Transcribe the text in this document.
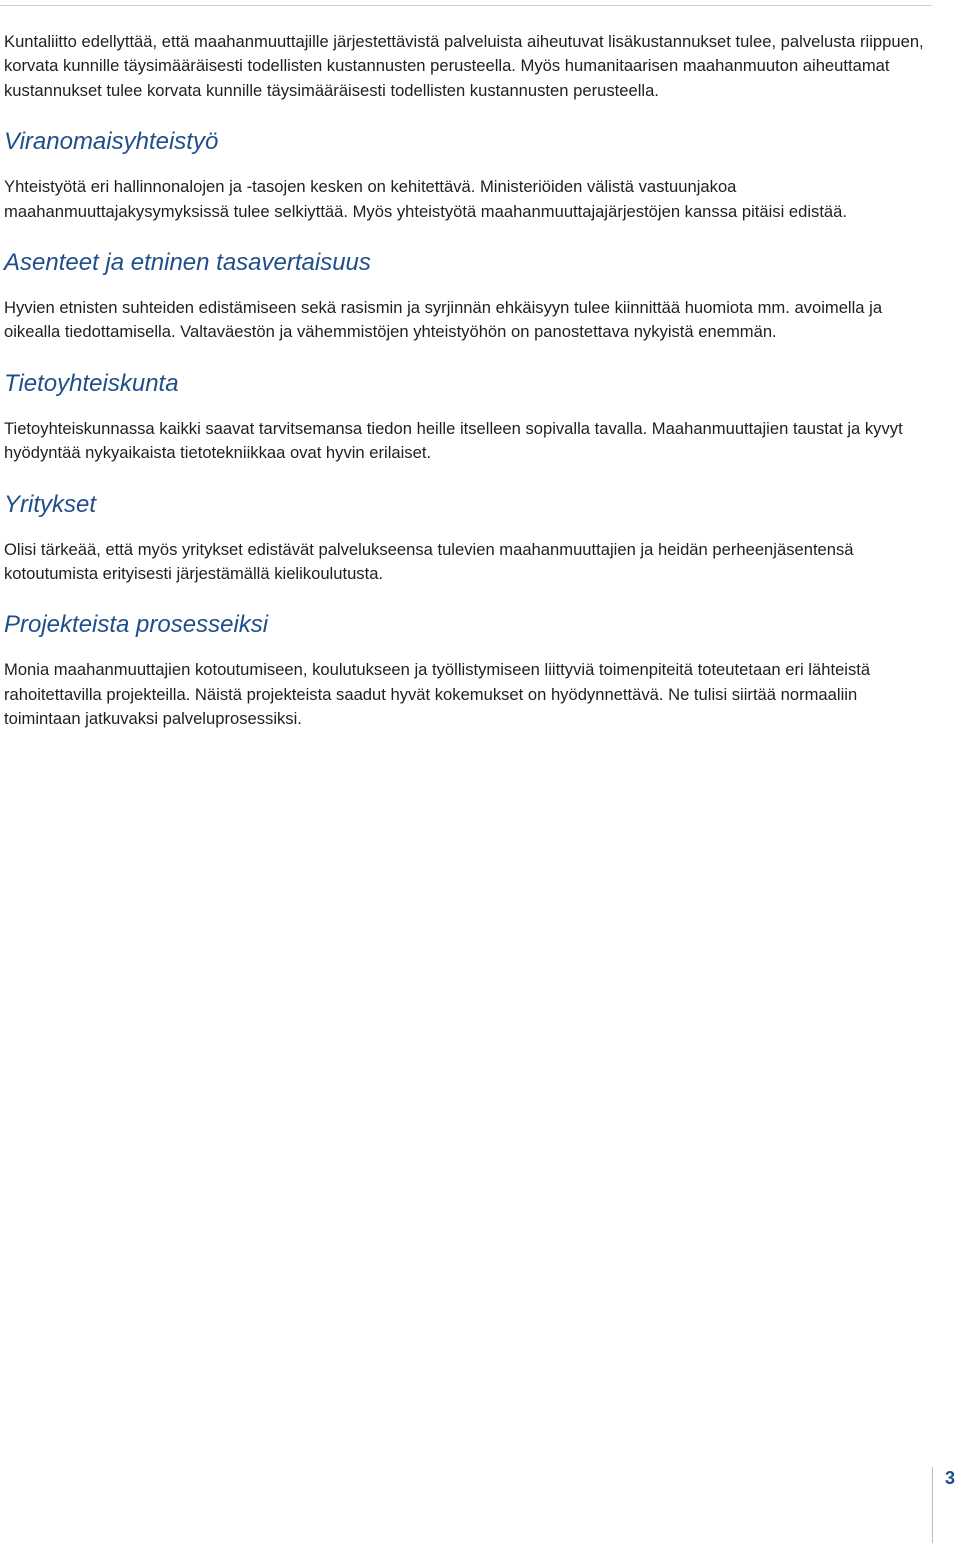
Kuntaliitto edellyttää, että maahanmuuttajille järjestettävistä palveluista aiheutuvat lisäkustannukset tulee, palvelusta riippuen, korvata kunnille täysimääräisesti todellisten kustannusten perusteella. Myös humanitaarisen maahanmuuton aiheuttamat kustannukset tulee korvata kunnille täysimääräisesti todellisten kustannusten perusteella.

Viranomaisyhteistyö

Yhteistyötä eri hallinnonalojen ja -tasojen kesken on kehitettävä. Ministeriöiden välistä vastuunjakoa maahanmuuttajakysymyksissä tulee selkiyttää. Myös yhteistyötä maahanmuuttajajärjestöjen kanssa pitäisi edistää.

Asenteet ja etninen tasavertaisuus

Hyvien etnisten suhteiden edistämiseen sekä rasismin ja syrjinnän ehkäisyyn tulee kiinnittää huomiota mm. avoimella ja oikealla tiedottamisella. Valtaväestön ja vähemmistöjen yhteistyöhön on panostettava nykyistä enemmän.

Tietoyhteiskunta

Tietoyhteiskunnassa kaikki saavat tarvitsemansa tiedon heille itselleen sopivalla tavalla. Maahanmuuttajien taustat ja kyvyt hyödyntää nykyaikaista tietotekniikkaa ovat hyvin erilaiset.

Yritykset

Olisi tärkeää, että myös yritykset edistävät palvelukseensa tulevien maahanmuuttajien ja heidän perheenjäsentensä kotoutumista erityisesti järjestämällä kielikoulutusta.

Projekteista prosesseiksi

Monia maahanmuuttajien kotoutumiseen, koulutukseen ja työllistymiseen liittyviä toimenpiteitä toteutetaan eri lähteistä rahoitettavilla projekteilla. Näistä projekteista saadut hyvät kokemukset on hyödynnettävä. Ne tulisi siirtää normaaliin toimintaan jatkuvaksi palveluprosessiksi.

3
